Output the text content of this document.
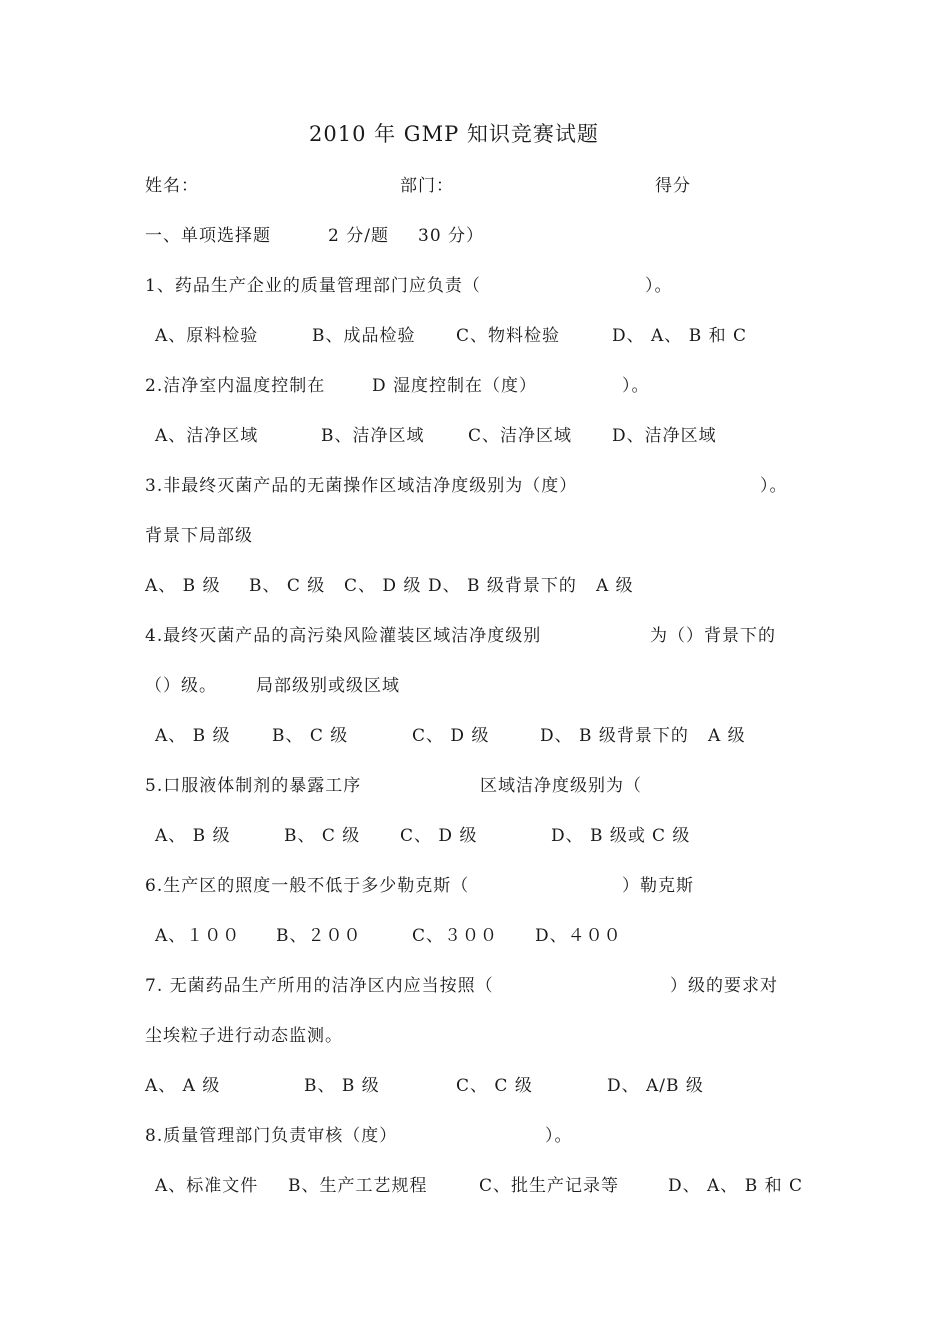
2010 年 GMP 知识竞赛试题
姓名：	部门：	得分
一、单项选择题	2 分/题 30 分）
1、药品生产企业的质量管理部门应负责（	）。
A、原料检验	B、成品检验 C、物料检验	D、 A、 B 和 C
2.洁净室内温度控制在	D 湿度控制在（度）	）。
A、洁净区域	B、洁净区域	C、洁净区域 D、洁净区域
3.非最终灭菌产品的无菌操作区域洁净度级别为（度）	）。
背景下局部级
A、 B 级 B、 C 级 C、 D 级 D、 B 级背景下的 A 级
4.最终灭菌产品的高污染风险灌装区域洁净度级别	为（）背景下的
（）级。 局部级别或级区域
A、 B 级 B、 C 级	C、 D 级	D、 B 级背景下的 A 级
5.口服液体制剂的暴露工序	区域洁净度级别为（
A、 B 级	B、 C 级 C、 D 级	D、 B 级或 C 级
6.生产区的照度一般不低于多少勒克斯（	）勒克斯
A、１００ B、２００	C、３００ D、４００
7. 无菌药品生产所用的洁净区内应当按照（	）级的要求对
尘埃粒子进行动态监测。
A、 A 级	B、 B 级	C、 C 级	D、 A/B 级
8.质量管理部门负责审核（度）	）。
A、标准文件 B、生产工艺规程	C、批生产记录等	D、 A、 B 和 C
